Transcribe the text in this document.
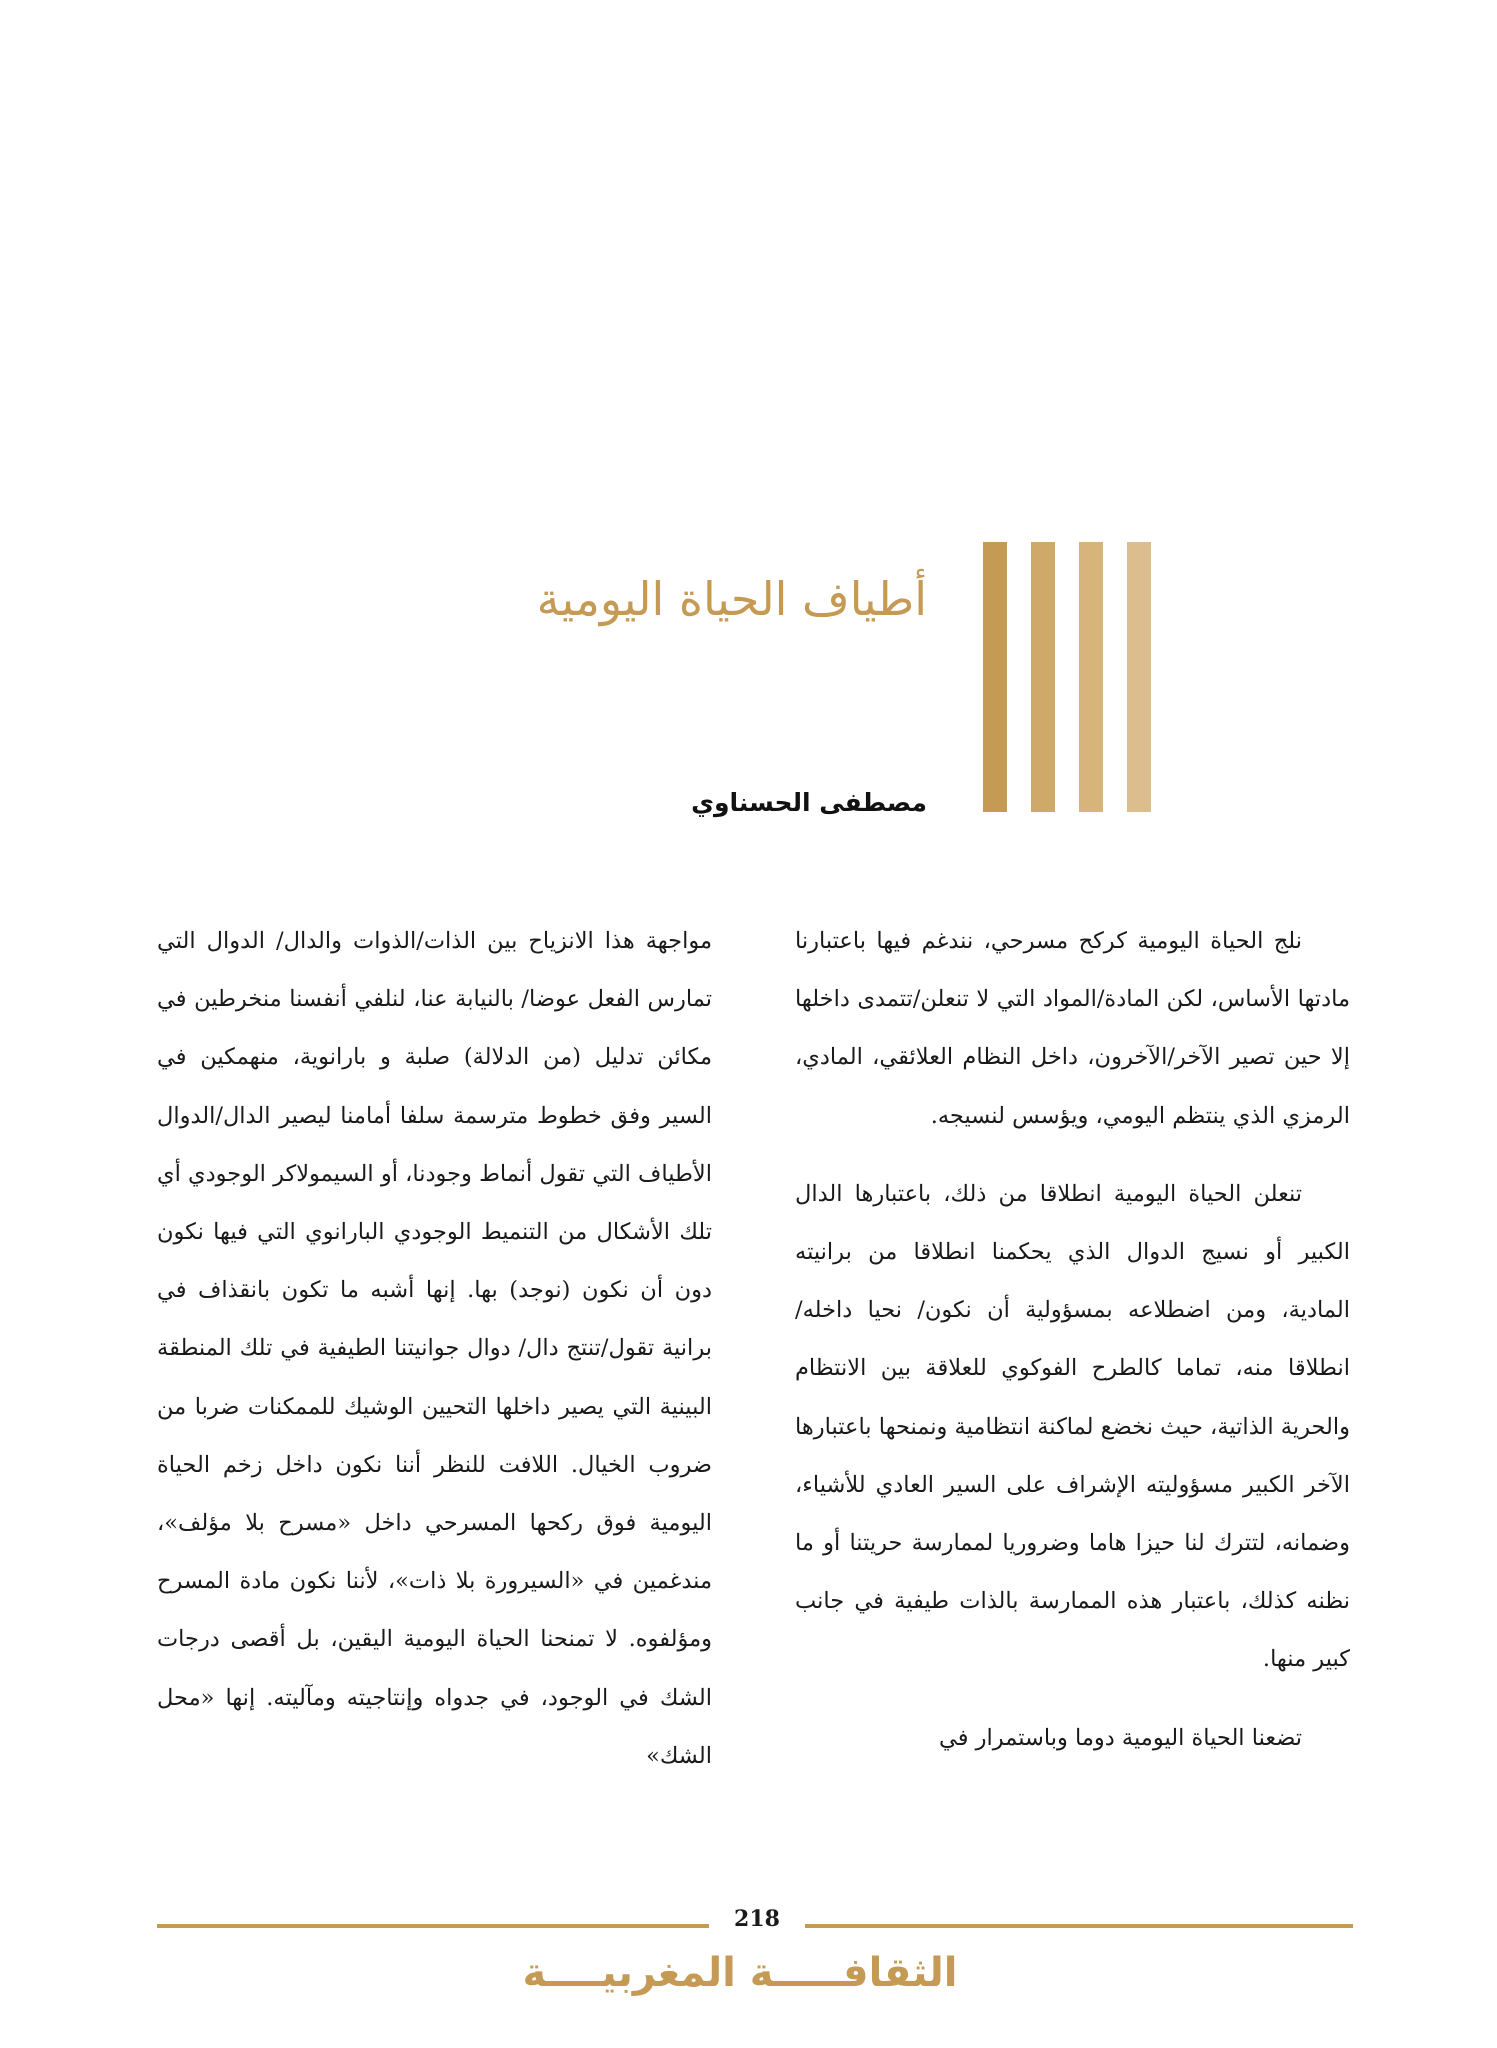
أطياف الحياة اليومية
مصطفى الحسناوي

نلج الحياة اليومية كركح مسرحي، نندغم فيها باعتبارنا مادتها الأساس، لكن المادة/المواد التي لا تنعلن/تتمدى داخلها إلا حين تصير الآخر/الآخرون، داخل النظام العلائقي، المادي، الرمزي الذي ينتظم اليومي، ويؤسس لنسيجه.

تنعلن الحياة اليومية انطلاقا من ذلك، باعتبارها الدال الكبير أو نسيج الدوال الذي يحكمنا انطلاقا من برانيته المادية، ومن اضطلاعه بمسؤولية أن نكون/ نحيا داخله/ انطلاقا منه، تماما كالطرح الفوكوي للعلاقة بين الانتظام والحرية الذاتية، حيث نخضع لماكنة انتظامية ونمنحها باعتبارها الآخر الكبير مسؤوليته الإشراف على السير العادي للأشياء، وضمانه، لتترك لنا حيزا هاما وضروريا لممارسة حريتنا أو ما نظنه كذلك، باعتبار هذه الممارسة بالذات طيفية في جانب كبير منها.

تضعنا الحياة اليومية دوما وباستمرار في

مواجهة هذا الانزياح بين الذات/الذوات والدال/ الدوال التي تمارس الفعل عوضا/ بالنيابة عنا، لنلفي أنفسنا منخرطين في مكائن تدليل (من الدلالة) صلبة و بارانوية، منهمكين في السير وفق خطوط مترسمة سلفا أمامنا ليصير الدال/الدوال الأطياف التي تقول أنماط وجودنا، أو السيمولاكر الوجودي أي تلك الأشكال من التنميط الوجودي البارانوي التي فيها نكون دون أن نكون (نوجد) بها. إنها أشبه ما تكون بانقذاف في برانية تقول/تنتج دال/ دوال جوانيتنا الطيفية في تلك المنطقة البينية التي يصير داخلها التحيين الوشيك للممكنات ضربا من ضروب الخيال. اللافت للنظر أننا نكون داخل زخم الحياة اليومية فوق ركحها المسرحي داخل «مسرح بلا مؤلف»، مندغمين في «السيرورة بلا ذات»، لأننا نكون مادة المسرح ومؤلفوه. لا تمنحنا الحياة اليومية اليقين، بل أقصى درجات الشك في الوجود، في جدواه وإنتاجيته ومآليته. إنها «محل الشك»

218
الثقافـــــة المغربيــــة
